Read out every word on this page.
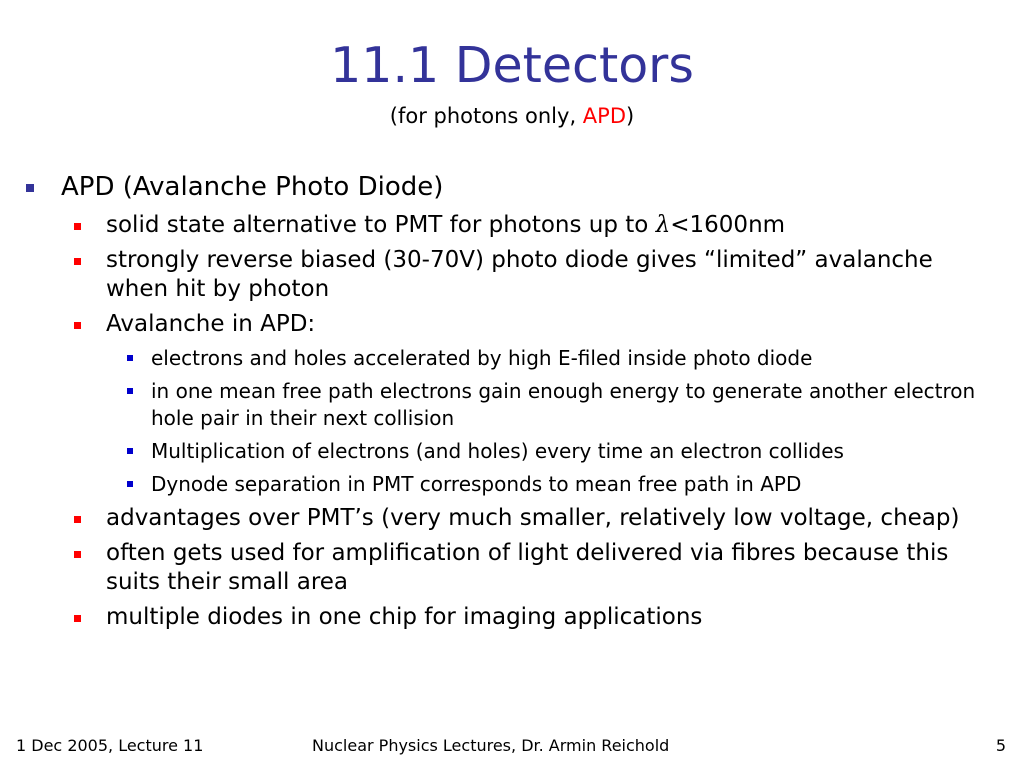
11.1 Detectors
(for photons only, APD)
APD (Avalanche Photo Diode)
solid state alternative to PMT for photons up to λ<1600nm
strongly reverse biased (30-70V) photo diode gives “limited” avalanche when hit by photon
Avalanche in APD:
electrons and holes accelerated by high E-filed inside photo diode
in one mean free path electrons gain enough energy to generate another electron hole pair in their next collision
Multiplication of electrons (and holes) every time an electron collides
Dynode separation in PMT corresponds to mean free path in APD
advantages over PMT’s (very much smaller, relatively low voltage, cheap)
often gets used for amplification of light delivered via fibres because this suits their small area
multiple diodes in one chip for imaging applications
1 Dec 2005, Lecture 11	Nuclear Physics Lectures, Dr. Armin Reichold	5
